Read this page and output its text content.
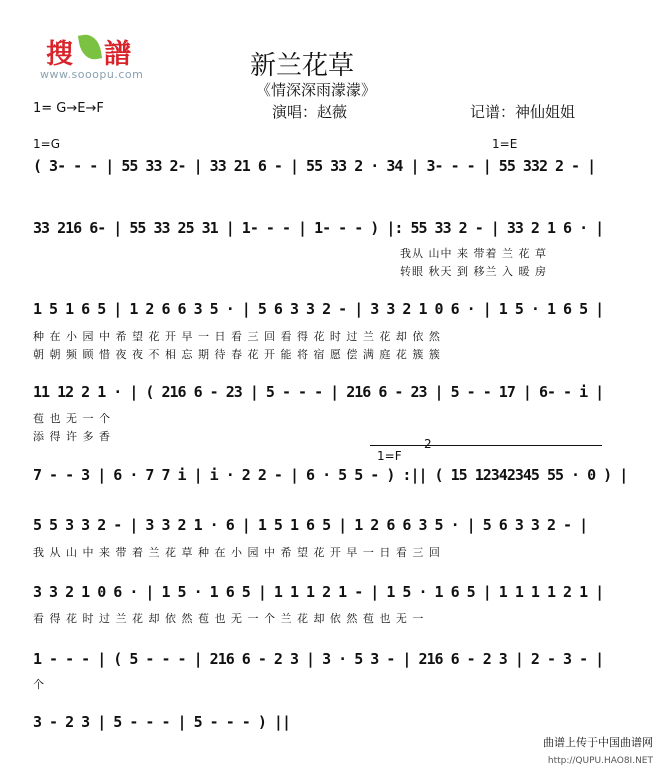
搜 譜
www.sooopu.com	新兰花草
《情深深雨濛濛》
1= G→E→F	演唱：赵薇	记谱：神仙姐姐
1=G	1=E
( 3- - - | 55 33 2- | 33 21 6 - | 55 33 2 · 34 | 3- - - | 55 332 2 - |
33 216 6- | 55 33 25 31 | 1- - - | 1- - - ) |: 55 33 2 - | 33 2 1 6 · |
我从 山中 来 带着 兰 花 草
转眼 秋天 到 移兰 入 暖 房
1 5 1 6 5 | 1 2 6 6 3 5 · | 5 6 3 3 2 - | 3 3 2 1 0 6 · | 1 5 · 1 6 5 |
种 在 小 园 中 希 望 花 开 早 一 日 看 三 回 看 得 花 时 过 兰 花 却 依 然
朝 朝 频 顾 惜 夜 夜 不 相 忘 期 待 春 花 开 能 将 宿 愿 偿 满 庭 花 簇 簇
11 12 2 1 · | ( 216 6 - 23 | 5 - - - | 216 6 - 23 | 5 - - 17 | 6- - i |
苞 也 无 一 个
添 得 许 多 香
2
1=F
7 - - 3 | 6 · 7 7 i | i · 2 2 - | 6 · 5 5 - ) :|| ( 15 12342345 55 · 0 ) |
5 5 3 3 2 - | 3 3 2 1 · 6 | 1 5 1 6 5 | 1 2 6 6 3 5 · | 5 6 3 3 2 - |
我 从 山 中 来 带 着 兰 花 草 种 在 小 园 中 希 望 花 开 早 一 日 看 三 回
3 3 2 1 0 6 · | 1 5 · 1 6 5 | 1 1 1 2 1 - | 1 5 · 1 6 5 | 1 1 1 1 2 1 |
看 得 花 时 过 兰 花 却 依 然 苞 也 无 一 个 兰 花 却 依 然 苞 也 无 一
1 - - - | ( 5 - - - | 216 6 - 2 3 | 3 · 5 3 - | 216 6 - 2 3 | 2 - 3 - |
个
3 - 2 3 | 5 - - - | 5 - - - ) ||
曲谱上传于中国曲谱网
http://QUPU.HAO8I.NET
